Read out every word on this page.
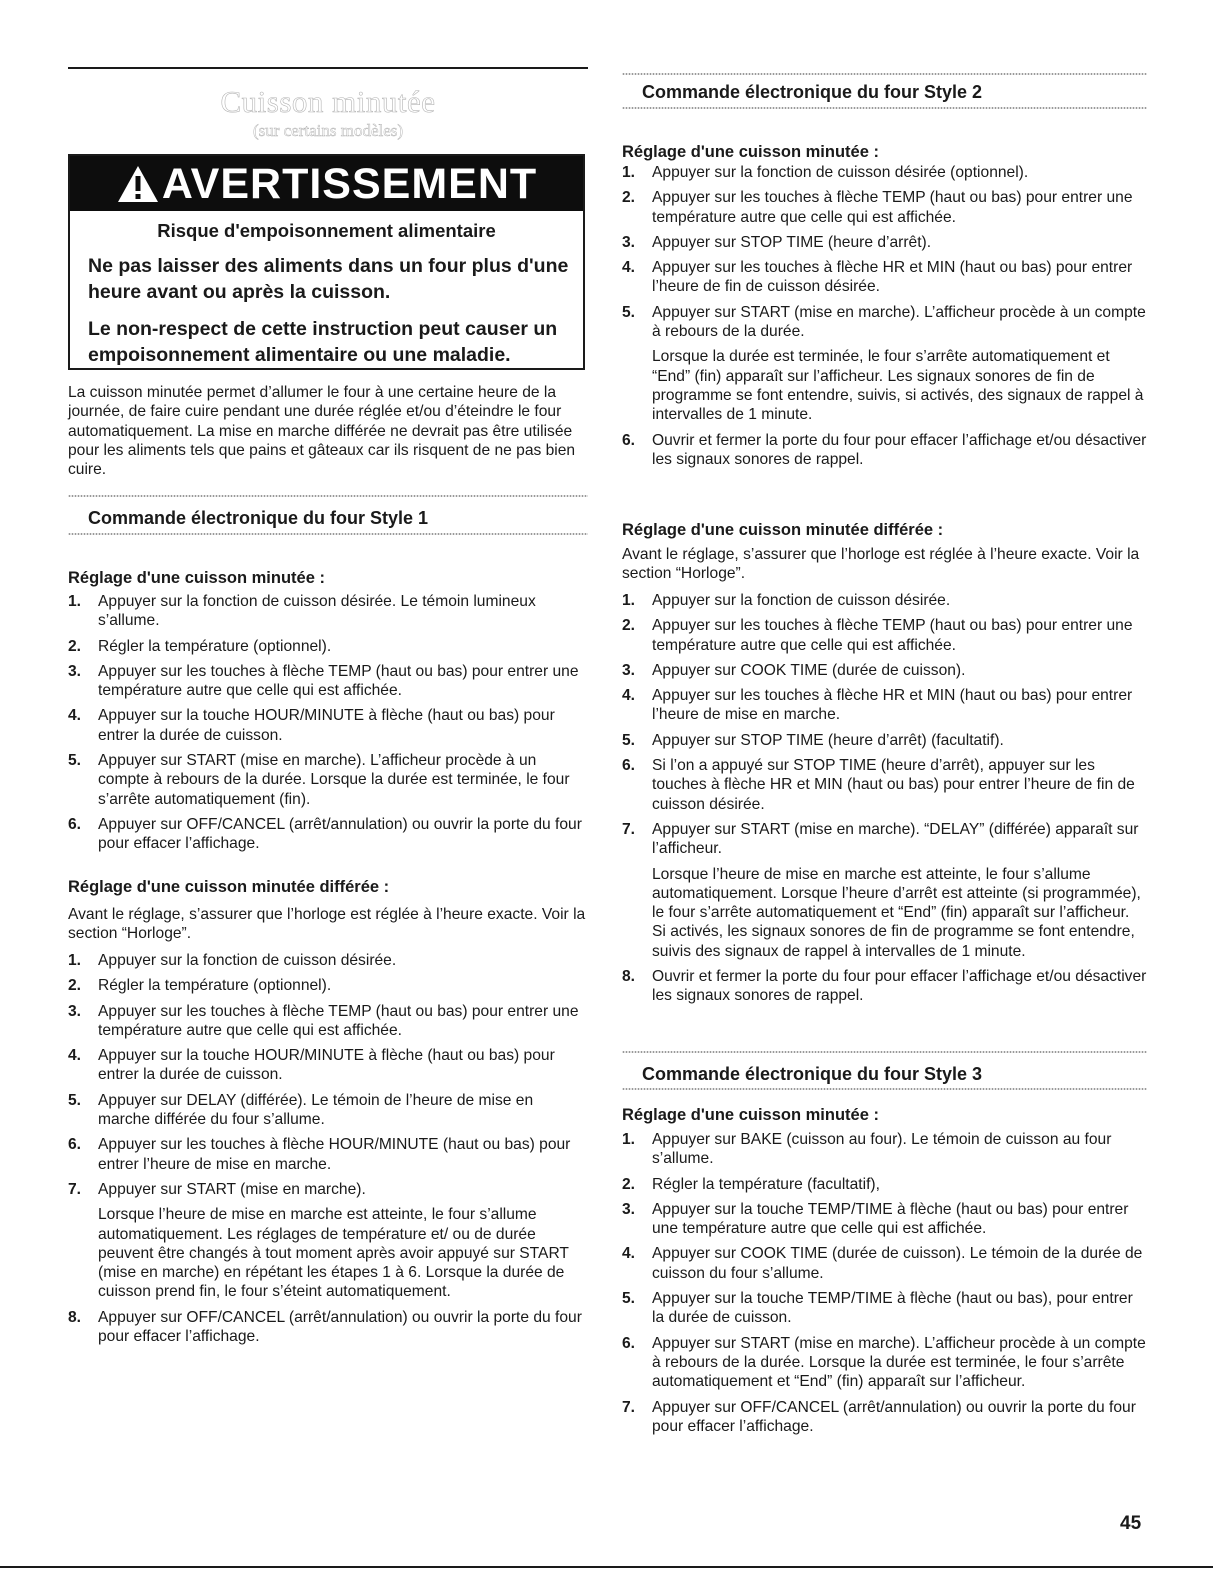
Cuisson minutée
(sur certains modèles)
AVERTISSEMENT
Risque d'empoisonnement alimentaire
Ne pas laisser des aliments dans un four plus d'une heure avant ou après la cuisson.
Le non-respect de cette instruction peut causer un empoisonnement alimentaire ou une maladie.
La cuisson minutée permet d’allumer le four à une certaine heure de la journée, de faire cuire pendant une durée réglée et/ou d’éteindre le four automatiquement. La mise en marche différée ne devrait pas être utilisée pour les aliments tels que pains et gâteaux car ils risquent de ne pas bien cuire.
Commande électronique du four Style 1
Réglage d'une cuisson minutée :
1. Appuyer sur la fonction de cuisson désirée. Le témoin lumineux s’allume.
2. Régler la température (optionnel).
3. Appuyer sur les touches à flèche TEMP (haut ou bas) pour entrer une température autre que celle qui est affichée.
4. Appuyer sur la touche HOUR/MINUTE à flèche (haut ou bas) pour entrer la durée de cuisson.
5. Appuyer sur START (mise en marche). L’afficheur procède à un compte à rebours de la durée. Lorsque la durée est terminée, le four s’arrête automatiquement (fin).
6. Appuyer sur OFF/CANCEL (arrêt/annulation) ou ouvrir la porte du four pour effacer l’affichage.
Réglage d'une cuisson minutée différée :
Avant le réglage, s’assurer que l’horloge est réglée à l’heure exacte. Voir la section “Horloge”.
1. Appuyer sur la fonction de cuisson désirée.
2. Régler la température (optionnel).
3. Appuyer sur les touches à flèche TEMP (haut ou bas) pour entrer une température autre que celle qui est affichée.
4. Appuyer sur la touche HOUR/MINUTE à flèche (haut ou bas) pour entrer la durée de cuisson.
5. Appuyer sur DELAY (différée). Le témoin de l’heure de mise en marche différée du four s’allume.
6. Appuyer sur les touches à flèche HOUR/MINUTE (haut ou bas) pour entrer l’heure de mise en marche.
7. Appuyer sur START (mise en marche).
Lorsque l’heure de mise en marche est atteinte, le four s’allume automatiquement. Les réglages de température et/ ou de durée peuvent être changés à tout moment après avoir appuyé sur START (mise en marche) en répétant les étapes 1 à 6. Lorsque la durée de cuisson prend fin, le four s’éteint automatiquement.
8. Appuyer sur OFF/CANCEL (arrêt/annulation) ou ouvrir la porte du four pour effacer l’affichage.
Commande électronique du four Style 2
Réglage d'une cuisson minutée :
1. Appuyer sur la fonction de cuisson désirée (optionnel).
2. Appuyer sur les touches à flèche TEMP (haut ou bas) pour entrer une température autre que celle qui est affichée.
3. Appuyer sur STOP TIME (heure d’arrêt).
4. Appuyer sur les touches à flèche HR et MIN (haut ou bas) pour entrer l’heure de fin de cuisson désirée.
5. Appuyer sur START (mise en marche). L’afficheur procède à un compte à rebours de la durée.
Lorsque la durée est terminée, le four s’arrête automatiquement et “End” (fin) apparaît sur l’afficheur. Les signaux sonores de fin de programme se font entendre, suivis, si activés, des signaux de rappel à intervalles de 1 minute.
6. Ouvrir et fermer la porte du four pour effacer l’affichage et/ou désactiver les signaux sonores de rappel.
Réglage d'une cuisson minutée différée :
Avant le réglage, s’assurer que l’horloge est réglée à l’heure exacte. Voir la section “Horloge”.
1. Appuyer sur la fonction de cuisson désirée.
2. Appuyer sur les touches à flèche TEMP (haut ou bas) pour entrer une température autre que celle qui est affichée.
3. Appuyer sur COOK TIME (durée de cuisson).
4. Appuyer sur les touches à flèche HR et MIN (haut ou bas) pour entrer l’heure de mise en marche.
5. Appuyer sur STOP TIME (heure d’arrêt) (facultatif).
6. Si l’on a appuyé sur STOP TIME (heure d’arrêt), appuyer sur les touches à flèche HR et MIN (haut ou bas) pour entrer l’heure de fin de cuisson désirée.
7. Appuyer sur START (mise en marche). “DELAY” (différée) apparaît sur l’afficheur.
Lorsque l’heure de mise en marche est atteinte, le four s’allume automatiquement. Lorsque l’heure d’arrêt est atteinte (si programmée), le four s’arrête automatiquement et “End” (fin) apparaît sur l’afficheur. Si activés, les signaux sonores de fin de programme se font entendre, suivis des signaux de rappel à intervalles de 1 minute.
8. Ouvrir et fermer la porte du four pour effacer l’affichage et/ou désactiver les signaux sonores de rappel.
Commande électronique du four Style 3
Réglage d'une cuisson minutée :
1. Appuyer sur BAKE (cuisson au four). Le témoin de cuisson au four s’allume.
2. Régler la température (facultatif),
3. Appuyer sur la touche TEMP/TIME à flèche (haut ou bas) pour entrer une température autre que celle qui est affichée.
4. Appuyer sur COOK TIME (durée de cuisson). Le témoin de la durée de cuisson du four s’allume.
5. Appuyer sur la touche TEMP/TIME à flèche (haut ou bas), pour entrer la durée de cuisson.
6. Appuyer sur START (mise en marche). L’afficheur procède à un compte à rebours de la durée. Lorsque la durée est terminée, le four s’arrête automatiquement et “End” (fin) apparaît sur l’afficheur.
7. Appuyer sur OFF/CANCEL (arrêt/annulation) ou ouvrir la porte du four pour effacer l’affichage.
45
